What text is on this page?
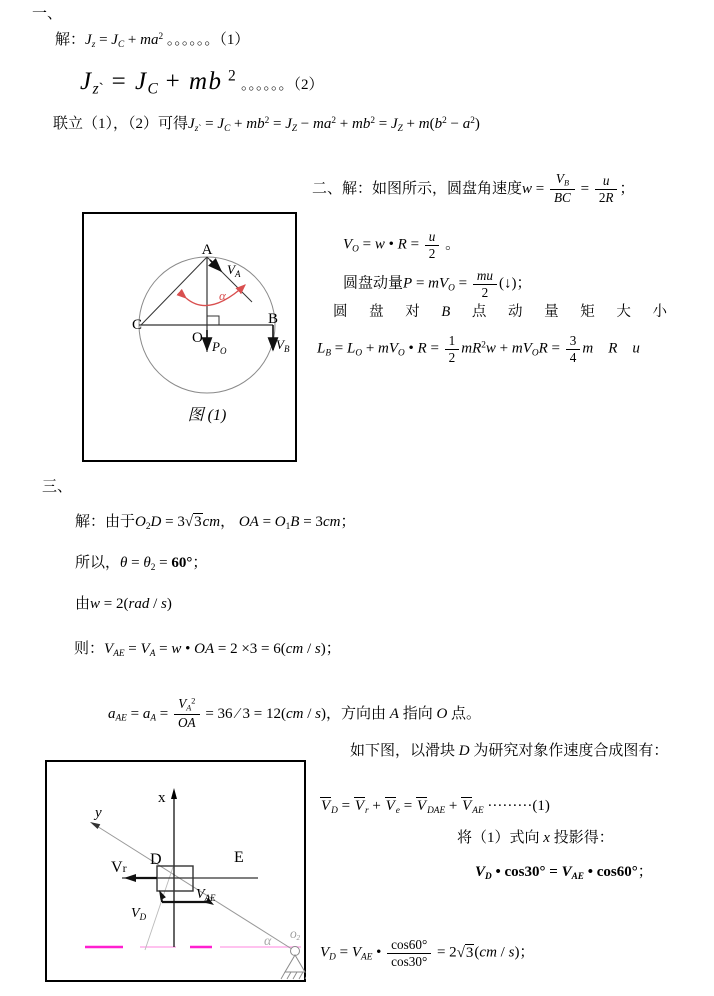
一、
解：$J_z = J_C + ma^2$ 。。。。。。（1）
$J_{z`} = J_C$ + mb $^2$ 。。。。。。（2）
联立（1），（2）可得$J_{z`} = J_C + mb^2 = J_Z - ma^2 + mb^2 = J_Z + m(b^2 - a^2)$
二、解：如图所示，圆盘角速度$w = \frac{V_B}{BC} = \frac{u}{2R}$ ；
$V_O = w$ • $R = \frac{u}{2}$ 。
圆盘动量$P = mV_O = \frac{mu}{2}$ (↓)；
圆 盘 对 B 点 动 量 矩 大 小
$L_B = L_O + mV_O$ • $R = \frac{1}{2} mR^2w + mV_OR = \frac{3}{4}$ m　 R　 u
A
C	B
O
α
$V_A$
$P_O$	$V_B$
图 (1)
三、
解：由于$O_2D = 3√3cm$， OA = $O_1B = 3cm$；
所以，$\theta = \theta_2 = 60^\circ$；
由w = 2(rad / s)
则：$V_{AE} = V_A = w$ • OA = 2 ×3 = 6(cm / s)；
$a_{AE} = a_A = \frac{V_A^2}{OA} = 36$ ∕ 3 = 12(cm / s)，方向由 A 指向 O 点。
如下图，以滑块 D 为研究对象作速度合成图有：
$V_D = V_r + V_e = V_{DAE} + V_{AE} \cdot\cdot\cdot\cdot\cdot\cdot\cdot\cdot\cdot(1)$
将（1）式向 x 投影得：
$V_D$ • $\cos 30^\circ = V_{AE}$ • cos60°；
$V_D = V_{AE}$ • $\frac{\cos 60^\circ}{\cos 30^\circ} = 2√3(cm / s)$；
x
y
D	E
Vr
$V_{AE}$
$V_D$
α $O_2$
